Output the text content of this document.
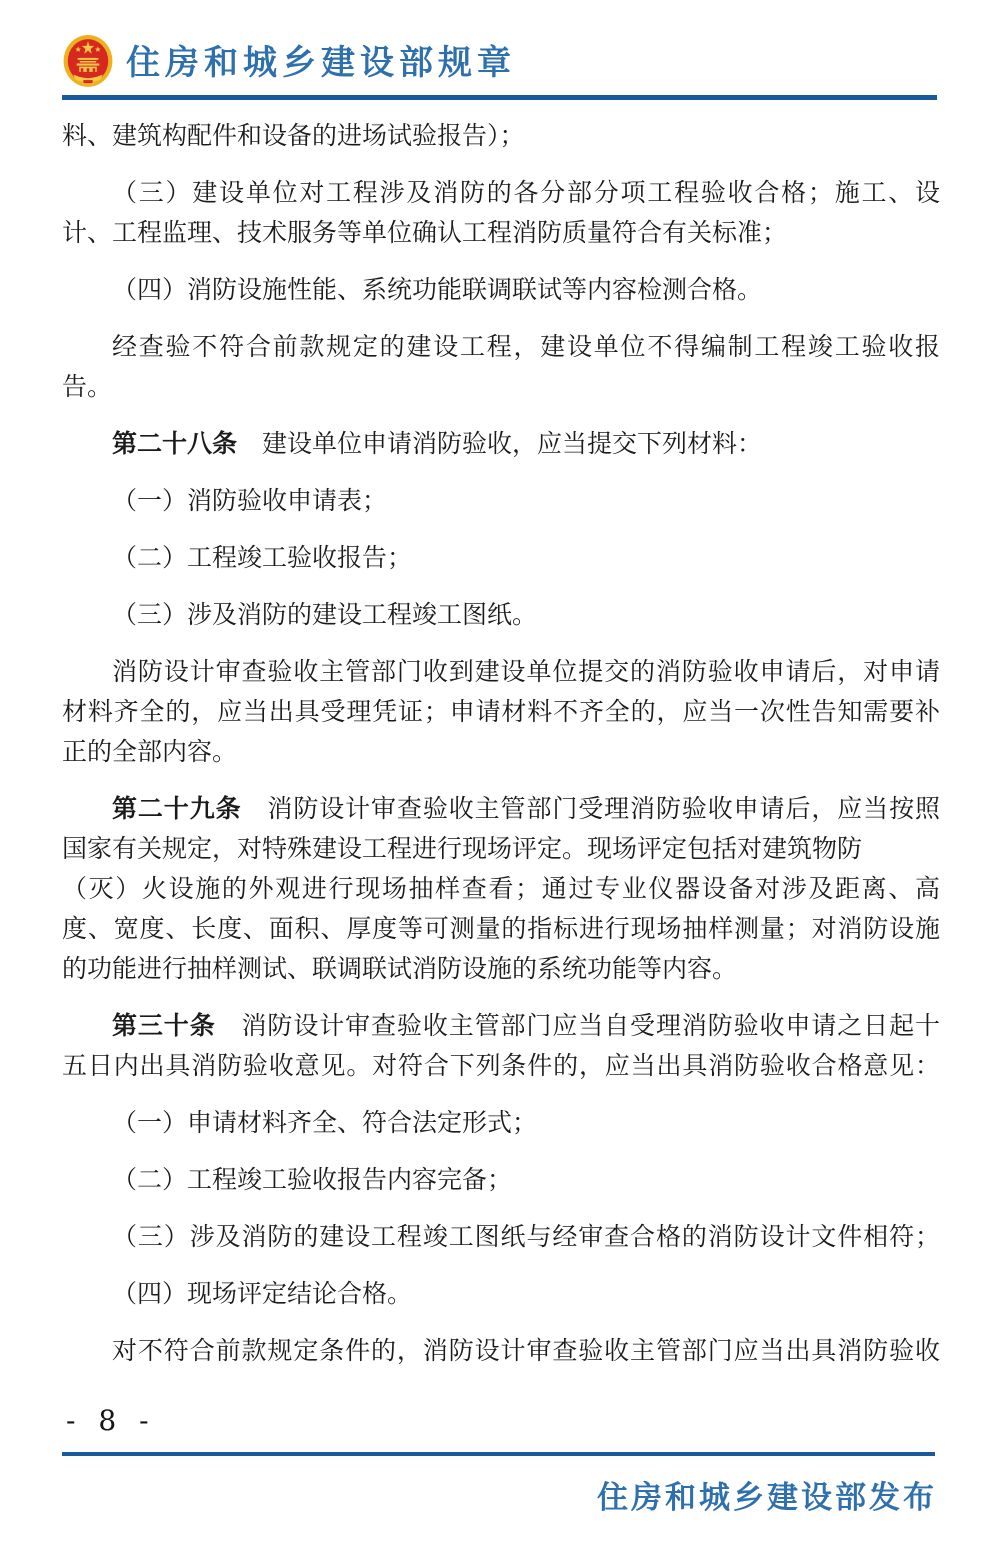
住房和城乡建设部规章
料、建筑构配件和设备的进场试验报告）；
（三）建设单位对工程涉及消防的各分部分项工程验收合格；施工、设
计、工程监理、技术服务等单位确认工程消防质量符合有关标准；
（四）消防设施性能、系统功能联调联试等内容检测合格。
经查验不符合前款规定的建设工程，建设单位不得编制工程竣工验收报
告。
第二十八条　建设单位申请消防验收，应当提交下列材料：
（一）消防验收申请表；
（二）工程竣工验收报告；
（三）涉及消防的建设工程竣工图纸。
消防设计审查验收主管部门收到建设单位提交的消防验收申请后，对申请
材料齐全的，应当出具受理凭证；申请材料不齐全的，应当一次性告知需要补
正的全部内容。
第二十九条　消防设计审查验收主管部门受理消防验收申请后，应当按照
国家有关规定，对特殊建设工程进行现场评定。现场评定包括对建筑物防
（灭）火设施的外观进行现场抽样查看；通过专业仪器设备对涉及距离、高
度、宽度、长度、面积、厚度等可测量的指标进行现场抽样测量；对消防设施
的功能进行抽样测试、联调联试消防设施的系统功能等内容。
第三十条　消防设计审查验收主管部门应当自受理消防验收申请之日起十
五日内出具消防验收意见。对符合下列条件的，应当出具消防验收合格意见：
（一）申请材料齐全、符合法定形式；
（二）工程竣工验收报告内容完备；
（三）涉及消防的建设工程竣工图纸与经审查合格的消防设计文件相符；
（四）现场评定结论合格。
对不符合前款规定条件的，消防设计审查验收主管部门应当出具消防验收
- 8 -
住房和城乡建设部发布
